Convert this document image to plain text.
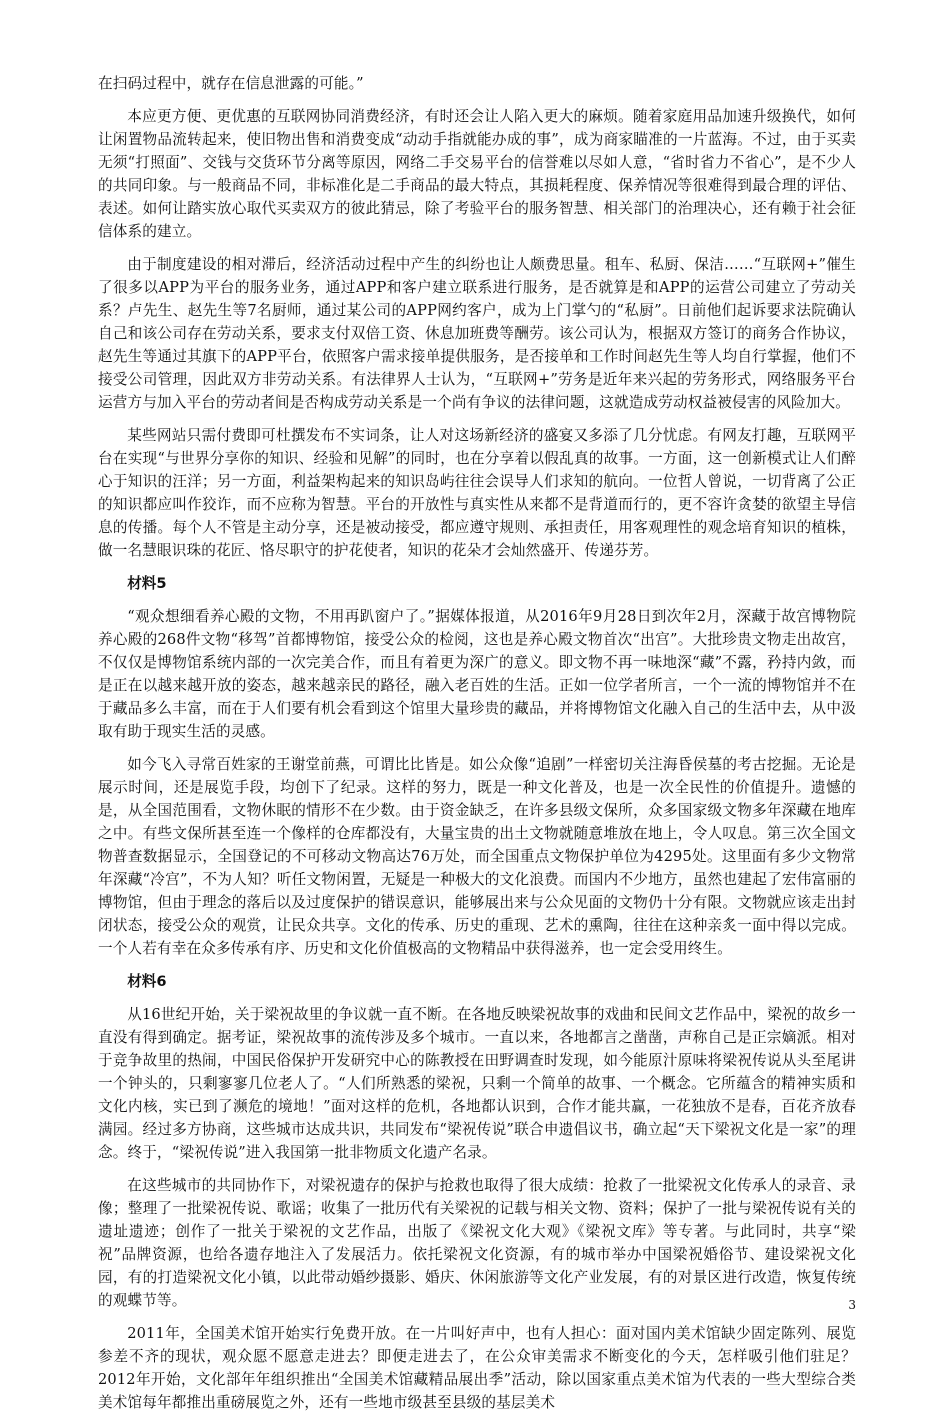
在扫码过程中，就存在信息泄露的可能。”

本应更方便、更优惠的互联网协同消费经济，有时还会让人陷入更大的麻烦。随着家庭用品加速升级换代，如何让闲置物品流转起来，使旧物出售和消费变成“动动手指就能办成的事”，成为商家瞄准的一片蓝海。不过，由于买卖无须“打照面”、交钱与交货环节分离等原因，网络二手交易平台的信誉难以尽如人意，“省时省力不省心”，是不少人的共同印象。与一般商品不同，非标准化是二手商品的最大特点，其损耗程度、保养情况等很难得到最合理的评估、表述。如何让踏实放心取代买卖双方的彼此猜忌，除了考验平台的服务智慧、相关部门的治理决心，还有赖于社会征信体系的建立。

由于制度建设的相对滞后，经济活动过程中产生的纠纷也让人颇费思量。租车、私厨、保洁……“互联网+”催生了很多以APP为平台的服务业务，通过APP和客户建立联系进行服务，是否就算是和APP的运营公司建立了劳动关系？卢先生、赵先生等7名厨师，通过某公司的APP网约客户，成为上门掌勺的“私厨”。日前他们起诉要求法院确认自己和该公司存在劳动关系，要求支付双倍工资、休息加班费等酬劳。该公司认为，根据双方签订的商务合作协议，赵先生等通过其旗下的APP平台，依照客户需求接单提供服务，是否接单和工作时间赵先生等人均自行掌握，他们不接受公司管理，因此双方非劳动关系。有法律界人士认为，“互联网+”劳务是近年来兴起的劳务形式，网络服务平台运营方与加入平台的劳动者间是否构成劳动关系是一个尚有争议的法律问题，这就造成劳动权益被侵害的风险加大。

某些网站只需付费即可杜撰发布不实词条，让人对这场新经济的盛宴又多添了几分忧虑。有网友打趣，互联网平台在实现“与世界分享你的知识、经验和见解”的同时，也在分享着以假乱真的故事。一方面，这一创新模式让人们醉心于知识的汪洋；另一方面，利益架构起来的知识岛屿往往会误导人们求知的航向。一位哲人曾说，一切背离了公正的知识都应叫作狡诈，而不应称为智慧。平台的开放性与真实性从来都不是背道而行的，更不容许贪婪的欲望主导信息的传播。每个人不管是主动分享，还是被动接受，都应遵守规则、承担责任，用客观理性的观念培育知识的植株，做一名慧眼识珠的花匠、恪尽职守的护花使者，知识的花朵才会灿然盛开、传递芬芳。

材料5

“观众想细看养心殿的文物，不用再趴窗户了。”据媒体报道，从2016年9月28日到次年2月，深藏于故宫博物院养心殿的268件文物“移驾”首都博物馆，接受公众的检阅，这也是养心殿文物首次“出宫”。大批珍贵文物走出故宫，不仅仅是博物馆系统内部的一次完美合作，而且有着更为深广的意义。即文物不再一味地深“藏”不露，矜持内敛，而是正在以越来越开放的姿态，越来越亲民的路径，融入老百姓的生活。正如一位学者所言，一个一流的博物馆并不在于藏品多么丰富，而在于人们要有机会看到这个馆里大量珍贵的藏品，并将博物馆文化融入自己的生活中去，从中汲取有助于现实生活的灵感。

如今飞入寻常百姓家的王谢堂前燕，可谓比比皆是。如公众像“追剧”一样密切关注海昏侯墓的考古挖掘。无论是展示时间，还是展览手段，均创下了纪录。这样的努力，既是一种文化普及，也是一次全民性的价值提升。遗憾的是，从全国范围看，文物休眠的情形不在少数。由于资金缺乏，在许多县级文保所，众多国家级文物多年深藏在地库之中。有些文保所甚至连一个像样的仓库都没有，大量宝贵的出土文物就随意堆放在地上，令人叹息。第三次全国文物普查数据显示，全国登记的不可移动文物高达76万处，而全国重点文物保护单位为4295处。这里面有多少文物常年深藏“冷宫”，不为人知？听任文物闲置，无疑是一种极大的文化浪费。而国内不少地方，虽然也建起了宏伟富丽的博物馆，但由于理念的落后以及过度保护的错误意识，能够展出来与公众见面的文物仍十分有限。文物就应该走出封闭状态，接受公众的观赏，让民众共享。文化的传承、历史的重现、艺术的熏陶，往往在这种亲炙一面中得以完成。一个人若有幸在众多传承有序、历史和文化价值极高的文物精品中获得滋养，也一定会受用终生。

材料6

从16世纪开始，关于梁祝故里的争议就一直不断。在各地反映梁祝故事的戏曲和民间文艺作品中，梁祝的故乡一直没有得到确定。据考证，梁祝故事的流传涉及多个城市。一直以来，各地都言之凿凿，声称自己是正宗嫡派。相对于竞争故里的热闹，中国民俗保护开发研究中心的陈教授在田野调查时发现，如今能原汁原味将梁祝传说从头至尾讲一个钟头的，只剩寥寥几位老人了。“人们所熟悉的梁祝，只剩一个简单的故事、一个概念。它所蕴含的精神实质和文化内核，实已到了濒危的境地！”面对这样的危机，各地都认识到，合作才能共赢，一花独放不是春，百花齐放春满园。经过多方协商，这些城市达成共识，共同发布“梁祝传说”联合申遗倡议书，确立起“天下梁祝文化是一家”的理念。终于，“梁祝传说”进入我国第一批非物质文化遗产名录。

在这些城市的共同协作下，对梁祝遗存的保护与抢救也取得了很大成绩：抢救了一批梁祝文化传承人的录音、录像；整理了一批梁祝传说、歌谣；收集了一批历代有关梁祝的记载与相关文物、资料；保护了一批与梁祝传说有关的遗址遗迹；创作了一批关于梁祝的文艺作品，出版了《梁祝文化大观》《梁祝文库》等专著。与此同时，共享“梁祝”品牌资源，也给各遗存地注入了发展活力。依托梁祝文化资源，有的城市举办中国梁祝婚俗节、建设梁祝文化园，有的打造梁祝文化小镇，以此带动婚纱摄影、婚庆、休闲旅游等文化产业发展，有的对景区进行改造，恢复传统的观蝶节等。

2011年，全国美术馆开始实行免费开放。在一片叫好声中，也有人担心：面对国内美术馆缺少固定陈列、展览参差不齐的现状，观众愿不愿意走进去？即便走进去了，在公众审美需求不断变化的今天，怎样吸引他们驻足？2012年开始，文化部年年组织推出“全国美术馆藏精品展出季”活动，除以国家重点美术馆为代表的一些大型综合类美术馆每年都推出重磅展览之外，还有一些地市级甚至县级的基层美术

3
